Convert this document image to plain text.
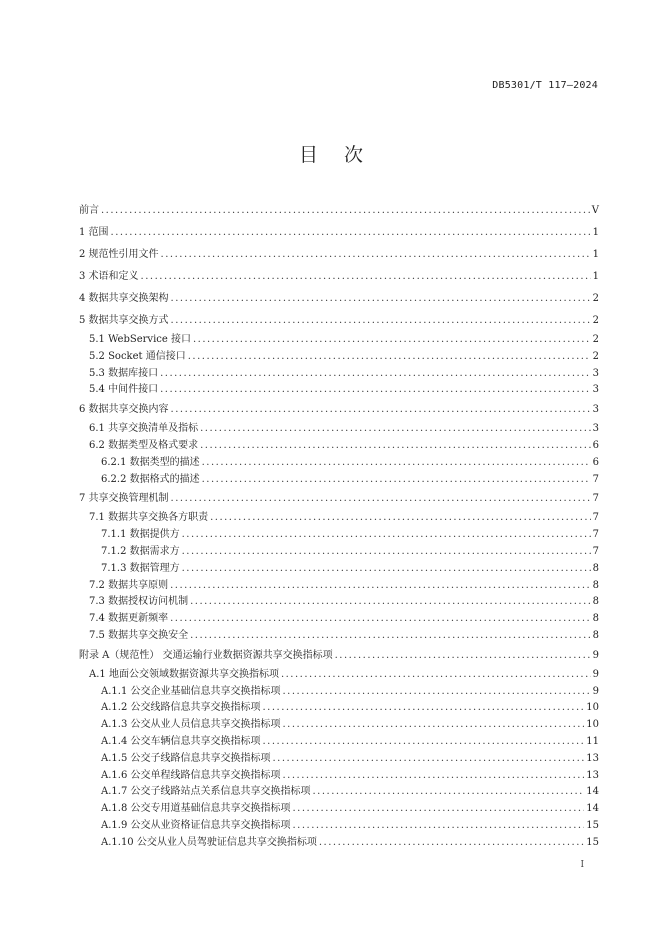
DB5301/T 117—2024
目次
前言 .....	V
1 范围 .....	1
2 规范性引用文件 .....	1
3 术语和定义 .....	1
4 数据共享交换架构 .....	2
5 数据共享交换方式 .....	2
5.1 WebService 接口 .....	2
5.2 Socket 通信接口 .....	2
5.3 数据库接口 .....	3
5.4 中间件接口 .....	3
6 数据共享交换内容 .....	3
6.1 共享交换清单及指标 .....	3
6.2 数据类型及格式要求 .....	6
6.2.1 数据类型的描述 .....	6
6.2.2 数据格式的描述 .....	7
7 共享交换管理机制 .....	7
7.1 数据共享交换各方职责 .....	7
7.1.1 数据提供方 .....	7
7.1.2 数据需求方 .....	7
7.1.3 数据管理方 .....	8
7.2 数据共享原则 .....	8
7.3 数据授权访问机制 .....	8
7.4 数据更新频率 .....	8
7.5 数据共享交换安全 .....	8
附录 A（规范性） 交通运输行业数据资源共享交换指标项 .....	9
A.1 地面公交领域数据资源共享交换指标项 .....	9
A.1.1 公交企业基础信息共享交换指标项 .....	9
A.1.2 公交线路信息共享交换指标项 .....	10
A.1.3 公交从业人员信息共享交换指标项 .....	10
A.1.4 公交车辆信息共享交换指标项 .....	11
A.1.5 公交子线路信息共享交换指标项 .....	13
A.1.6 公交单程线路信息共享交换指标项 .....	13
A.1.7 公交子线路站点关系信息共享交换指标项 .....	14
A.1.8 公交专用道基础信息共享交换指标项 .....	14
A.1.9 公交从业资格证信息共享交换指标项 .....	15
A.1.10 公交从业人员驾驶证信息共享交换指标项 .....	15
I
